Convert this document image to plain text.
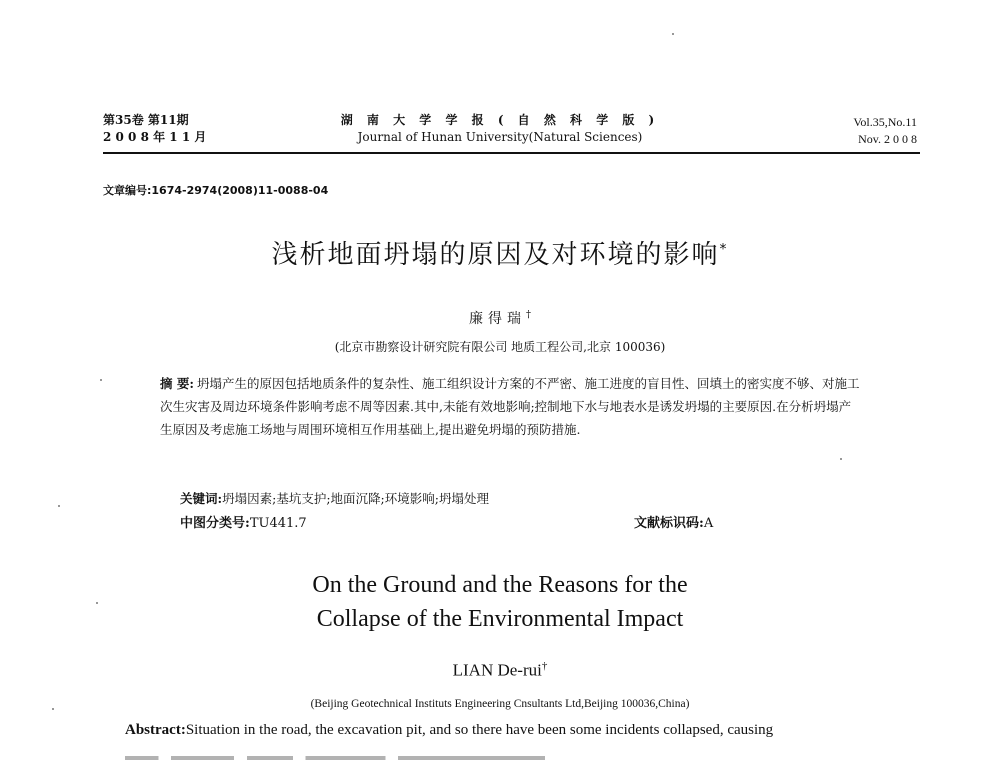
第35卷 第11期
2 0 0 8 年 1 1 月
湖 南 大 学 学 报 ( 自 然 科 学 版 )
Journal of Hunan University(Natural Sciences)
Vol.35,No.11
Nov. 2 0 0 8
文章编号:1674-2974(2008)11-0088-04
浅析地面坍塌的原因及对环境的影响*
廉得瑞†
(北京市勘察设计研究院有限公司 地质工程公司,北京 100036)
摘 要: 坍塌产生的原因包括地质条件的复杂性、施工组织设计方案的不严密、施工进度的盲目性、回填土的密实度不够、对施工次生灾害及周边环境条件影响考虑不周等因素.其中,未能有效地影响;控制地下水与地表水是诱发坍塌的主要原因.在分析坍塌产生原因及考虑施工场地与周围环境相互作用基础上,提出避免坍塌的预防措施.
关键词:坍塌因素;基坑支护;地面沉降;环境影响;坍塌处理
中图分类号:TU441.7	文献标识码:A
On the Ground and the Reasons for the
Collapse of the Environmental Impact
LIAN De-rui†
(Beijing Geotechnical Instituts Engineering Cnsultants Ltd,Beijing 100036,China)
Abstract:Situation in the road, the excavation pit, and so there have been some incidents collapsed, causing
